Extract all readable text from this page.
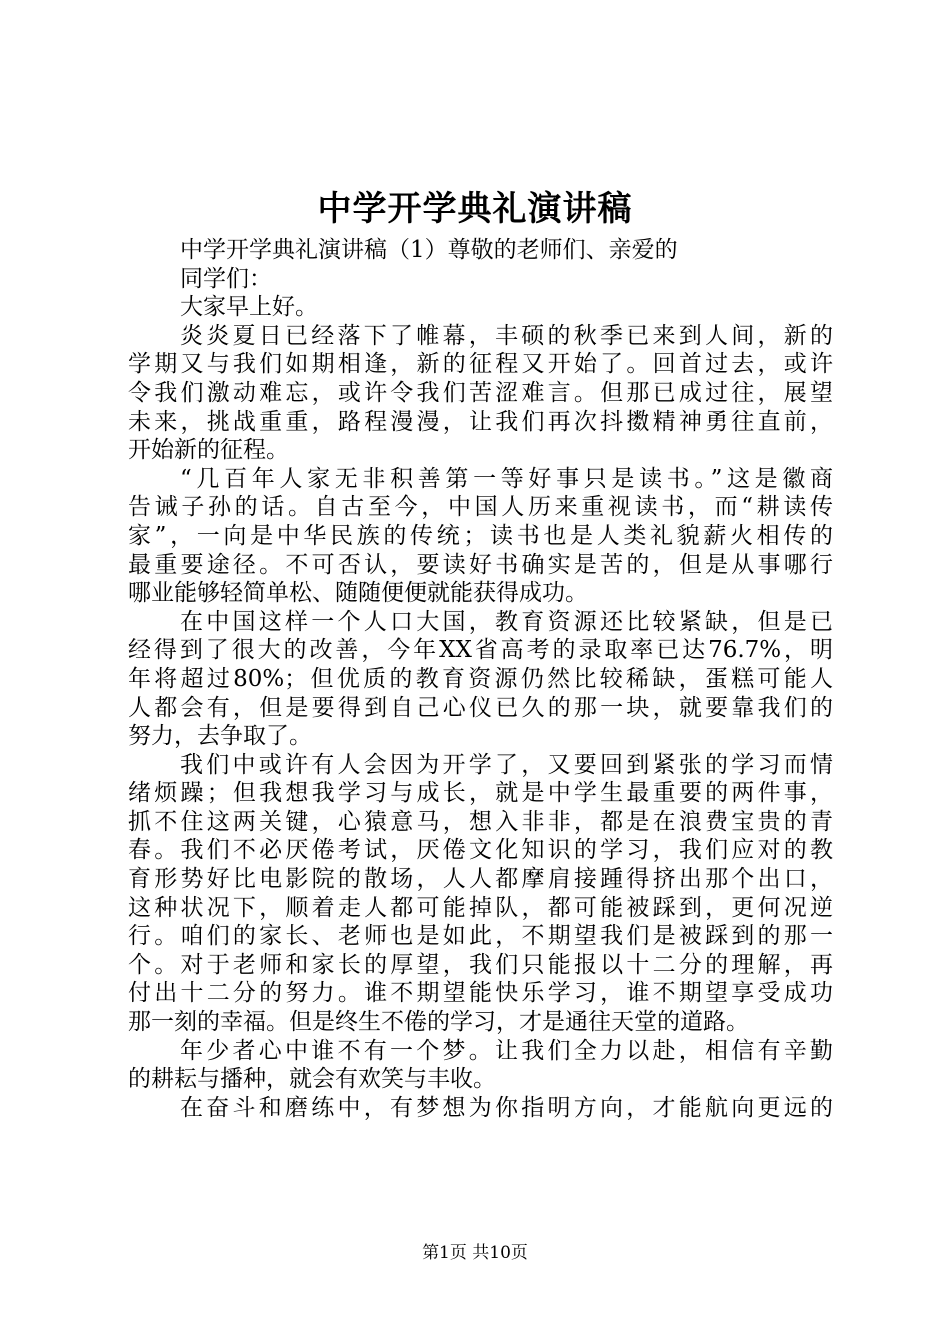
中学开学典礼演讲稿
中学开学典礼演讲稿（1）尊敬的老师们、亲爱的
同学们：
大家早上好。
炎炎夏日已经落下了帷幕，丰硕的秋季已来到人间，新的
学期又与我们如期相逢，新的征程又开始了。回首过去，或许
令我们激动难忘，或许令我们苦涩难言。但那已成过往，展望
未来，挑战重重，路程漫漫，让我们再次抖擞精神勇往直前，
开始新的征程。
“几百年人家无非积善第一等好事只是读书。”这是徽商
告诫子孙的话。自古至今，中国人历来重视读书，而“耕读传
家”，一向是中华民族的传统；读书也是人类礼貌薪火相传的
最重要途径。不可否认，要读好书确实是苦的，但是从事哪行
哪业能够轻简单松、随随便便就能获得成功。
在中国这样一个人口大国，教育资源还比较紧缺，但是已
经得到了很大的改善，今年XX省高考的录取率已达76.7%，明
年将超过80%；但优质的教育资源仍然比较稀缺，蛋糕可能人
人都会有，但是要得到自己心仪已久的那一块，就要靠我们的
努力，去争取了。
我们中或许有人会因为开学了，又要回到紧张的学习而情
绪烦躁；但我想我学习与成长，就是中学生最重要的两件事，
抓不住这两关键，心猿意马，想入非非，都是在浪费宝贵的青
春。我们不必厌倦考试，厌倦文化知识的学习，我们应对的教
育形势好比电影院的散场，人人都摩肩接踵得挤出那个出口，
这种状况下，顺着走人都可能掉队，都可能被踩到，更何况逆
行。咱们的家长、老师也是如此，不期望我们是被踩到的那一
个。对于老师和家长的厚望，我们只能报以十二分的理解，再
付出十二分的努力。谁不期望能快乐学习，谁不期望享受成功
那一刻的幸福。但是终生不倦的学习，才是通往天堂的道路。
年少者心中谁不有一个梦。让我们全力以赴，相信有辛勤
的耕耘与播种，就会有欢笑与丰收。
在奋斗和磨练中，有梦想为你指明方向，才能航向更远的
第1页 共10页
